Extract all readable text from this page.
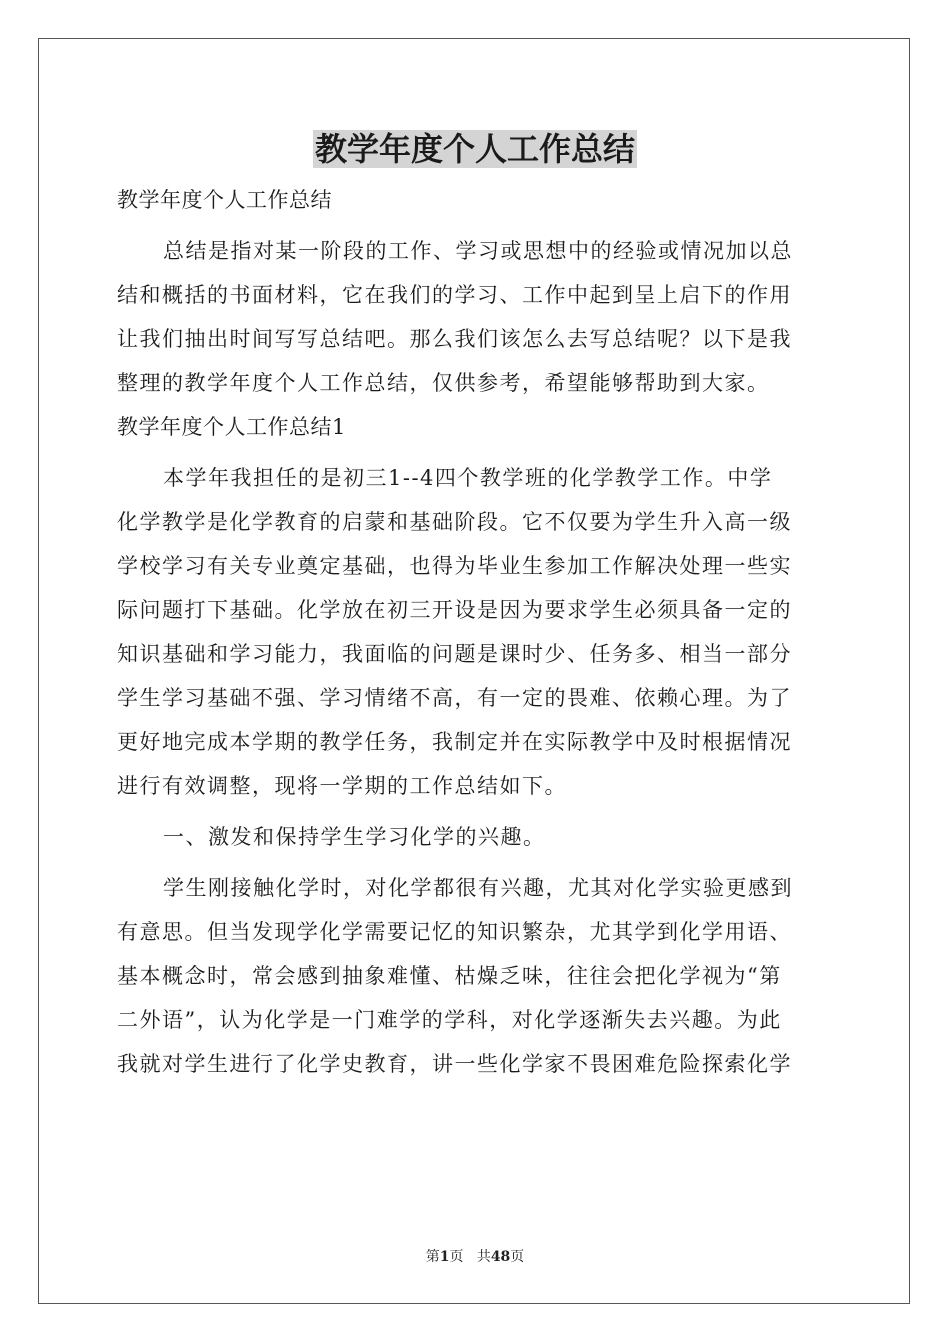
教学年度个人工作总结
教学年度个人工作总结
总结是指对某一阶段的工作、学习或思想中的经验或情况加以总
结和概括的书面材料，它在我们的学习、工作中起到呈上启下的作用
让我们抽出时间写写总结吧。那么我们该怎么去写总结呢？以下是我
整理的教学年度个人工作总结，仅供参考，希望能够帮助到大家。
教学年度个人工作总结1
本学年我担任的是初三1--4四个教学班的化学教学工作。中学
化学教学是化学教育的启蒙和基础阶段。它不仅要为学生升入高一级
学校学习有关专业奠定基础，也得为毕业生参加工作解决处理一些实
际问题打下基础。化学放在初三开设是因为要求学生必须具备一定的
知识基础和学习能力，我面临的问题是课时少、任务多、相当一部分
学生学习基础不强、学习情绪不高，有一定的畏难、依赖心理。为了
更好地完成本学期的教学任务，我制定并在实际教学中及时根据情况
进行有效调整，现将一学期的工作总结如下。
一、激发和保持学生学习化学的兴趣。
学生刚接触化学时，对化学都很有兴趣，尤其对化学实验更感到
有意思。但当发现学化学需要记忆的知识繁杂，尤其学到化学用语、
基本概念时，常会感到抽象难懂、枯燥乏味，往往会把化学视为“第
二外语”，认为化学是一门难学的学科，对化学逐渐失去兴趣。为此
我就对学生进行了化学史教育，讲一些化学家不畏困难危险探索化学
第1页 共48页
